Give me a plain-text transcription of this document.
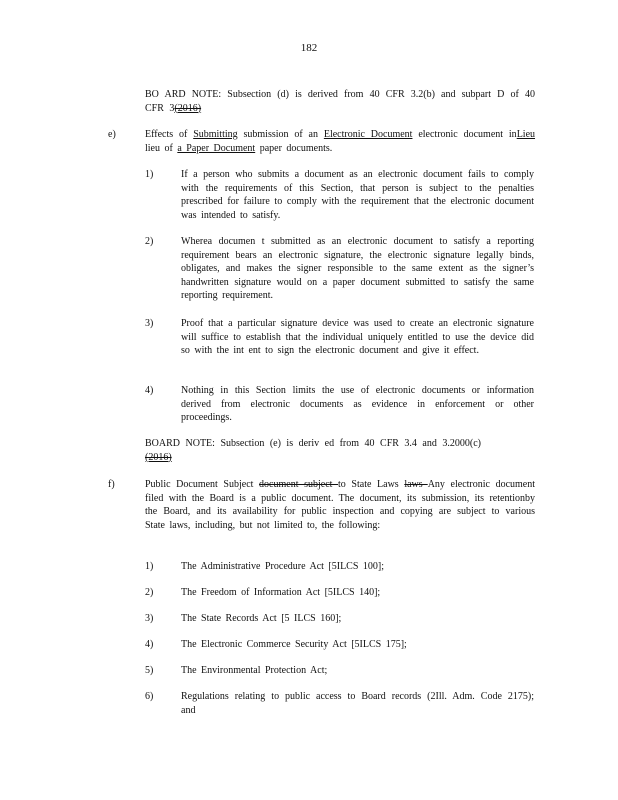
182
BO ARD NOTE: Subsection (d) is derived from 40 CFR 3.2(b) and subpart D of 40 CFR 3(2016)
e)	Effects of Submitting submission of an Electronic Document electronic document inLieu lieu of a Paper Document paper documents.
1)	If a person who submits a document as an electronic document fails to comply with the requirements of this Section, that person is subject to the penalties prescribed for failure to comply with the requirement that the electronic document was intended to satisfy.
2)	Wherea documen t submitted as an electronic document to satisfy a reporting requirement bears an electronic signature, the electronic signature legally binds, obligates, and makes the signer responsible to the same extent as the signer’s handwritten signature would on a paper document submitted to satisfy the same reporting requirement.
3)	Proof that a particular signature device was used to create an electronic signature will suffice to establish that the individual uniquely entitled to use the device did so with the int ent to sign the electronic document and give it effect.
4)	Nothing in this Section limits the use of electronic documents or information derived from electronic documents as evidence in enforcement or other proceedings.
BOARD NOTE: Subsection (e) is deriv ed from 40 CFR 3.4 and 3.2000(c)
(2016)
f)	Public Document Subject document subject to State Laws laws Any electronic document filed with the Board is a public document. The document, its submission, its retentionby the Board, and its availability for public inspection and copying are subject to various State laws, including, but not limited to, the following:
1)	The Administrative Procedure Act [5ILCS 100];
2)	The Freedom of Information Act [5ILCS 140];
3)	The State Records Act [5 ILCS 160];
4)	The Electronic Commerce Security Act [5ILCS 175];
5)	The Environmental Protection Act;
6)	Regulations relating to public access to Board records (2Ill. Adm. Code 2175); and
